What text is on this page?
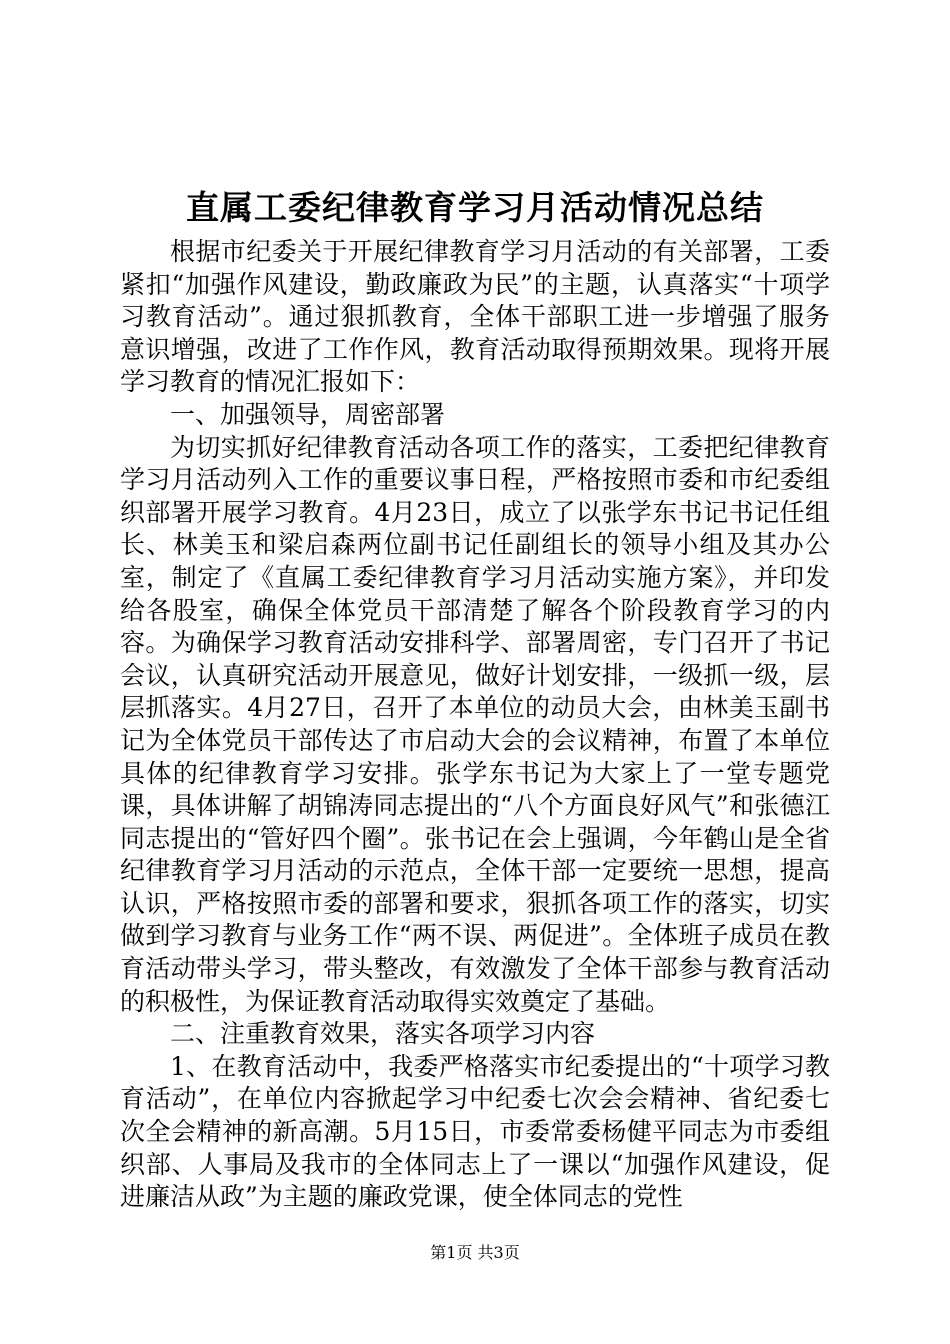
直属工委纪律教育学习月活动情况总结

根据市纪委关于开展纪律教育学习月活动的有关部署，工委紧扣“加强作风建设，勤政廉政为民”的主题，认真落实“十项学习教育活动”。通过狠抓教育，全体干部职工进一步增强了服务意识增强，改进了工作作风，教育活动取得预期效果。现将开展学习教育的情况汇报如下：

一、加强领导，周密部署

为切实抓好纪律教育活动各项工作的落实，工委把纪律教育学习月活动列入工作的重要议事日程，严格按照市委和市纪委组织部署开展学习教育。4月23日，成立了以张学东书记书记任组长、林美玉和梁启森两位副书记任副组长的领导小组及其办公室，制定了《直属工委纪律教育学习月活动实施方案》，并印发给各股室，确保全体党员干部清楚了解各个阶段教育学习的内容。为确保学习教育活动安排科学、部署周密，专门召开了书记会议，认真研究活动开展意见，做好计划安排，一级抓一级，层层抓落实。4月27日，召开了本单位的动员大会，由林美玉副书记为全体党员干部传达了市启动大会的会议精神，布置了本单位具体的纪律教育学习安排。张学东书记为大家上了一堂专题党课，具体讲解了胡锦涛同志提出的“八个方面良好风气”和张德江同志提出的“管好四个圈”。张书记在会上强调，今年鹤山是全省纪律教育学习月活动的示范点，全体干部一定要统一思想，提高认识，严格按照市委的部署和要求，狠抓各项工作的落实，切实做到学习教育与业务工作“两不误、两促进”。全体班子成员在教育活动带头学习，带头整改，有效激发了全体干部参与教育活动的积极性，为保证教育活动取得实效奠定了基础。

二、注重教育效果，落实各项学习内容

1、在教育活动中，我委严格落实市纪委提出的“十项学习教育活动”，在单位内容掀起学习中纪委七次会会精神、省纪委七次全会精神的新高潮。5月15日，市委常委杨健平同志为市委组织部、人事局及我市的全体同志上了一课以“加强作风建设，促进廉洁从政”为主题的廉政党课，使全体同志的党性

第1页 共3页
